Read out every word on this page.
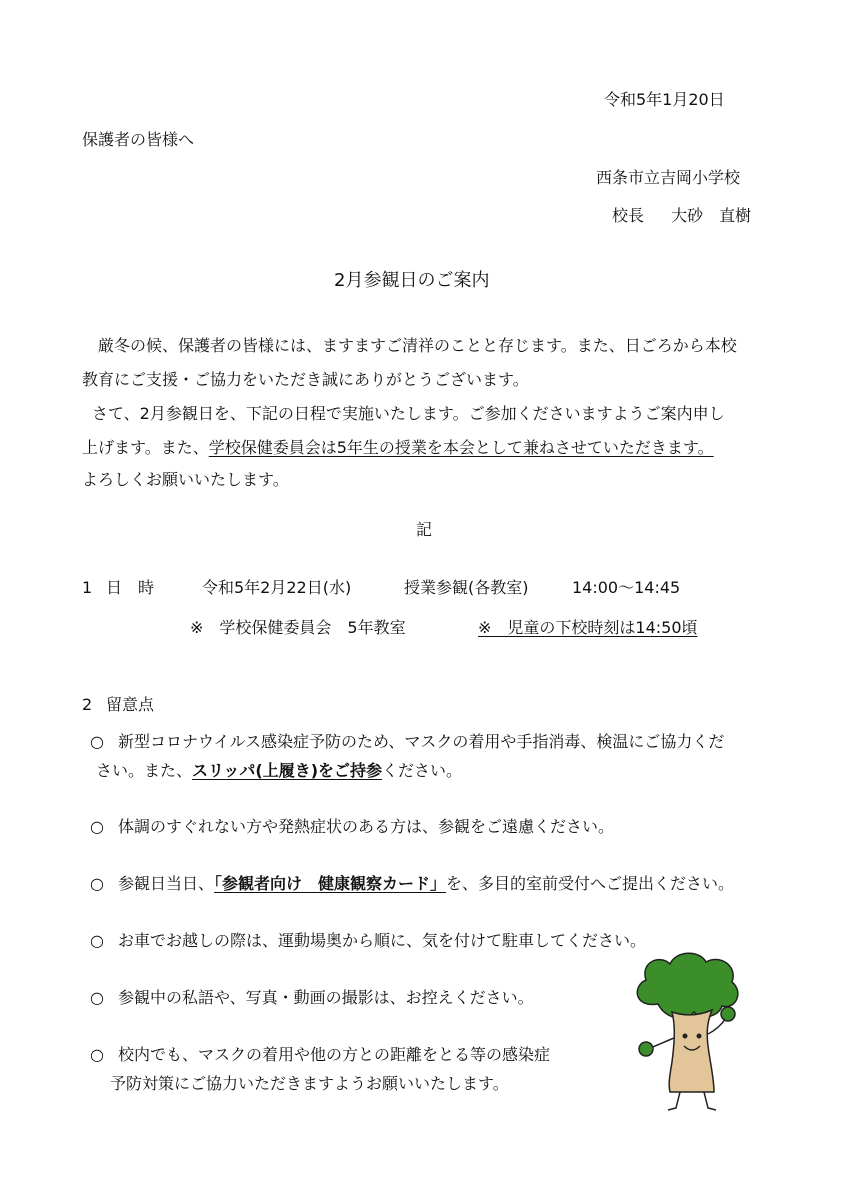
令和5年1月20日
保護者の皆様へ
西条市立吉岡小学校
校長 大砂　直樹
2月参観日のご案内
厳冬の候、保護者の皆様には、ますますご清祥のことと存じます。また、日ごろから本校
教育にご支援・ご協力をいただき誠にありがとうございます。
さて、2月参観日を、下記の日程で実施いたします。ご参加くださいますようご案内申し
上げます。また、学校保健委員会は5年生の授業を本会として兼ねさせていただきます。
よろしくお願いいたします。
記
1 日　時	令和5年2月22日(水)	授業参観(各教室)	14:00～14:45
※　学校保健委員会　5年教室	※　児童の下校時刻は14:50頃
2 留意点
○ 新型コロナウイルス感染症予防のため、マスクの着用や手指消毒、検温にご協力くだ
さい。また、スリッパ(上履き)をご持参ください。
○ 体調のすぐれない方や発熱症状のある方は、参観をご遠慮ください。
○ 参観日当日、「参観者向け　健康観察カード」を、多目的室前受付へご提出ください。
○ お車でお越しの際は、運動場奥から順に、気を付けて駐車してください。
○ 参観中の私語や、写真・動画の撮影は、お控えください。
○ 校内でも、マスクの着用や他の方との距離をとる等の感染症
予防対策にご協力いただきますようお願いいたします。
